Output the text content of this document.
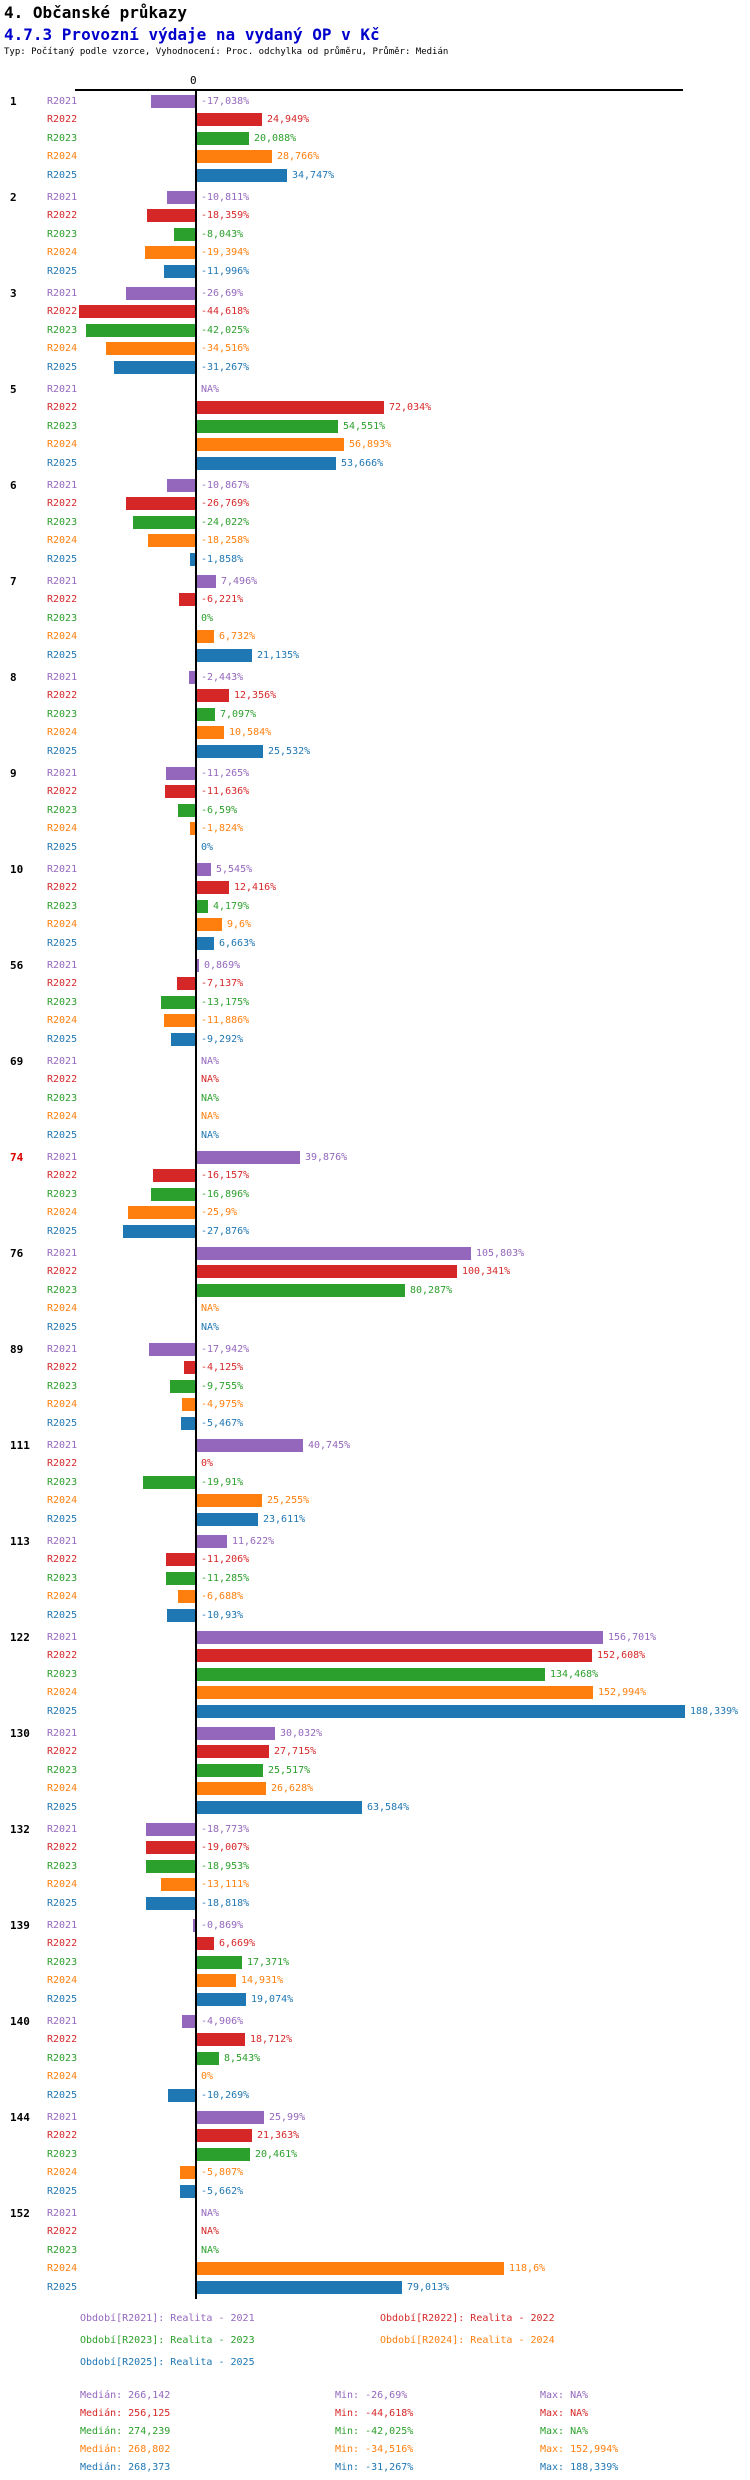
4. Občanské průkazy
4.7.3 Provozní výdaje na vydaný OP v Kč
Typ: Počítaný podle vzorce, Vyhodnocení: Proc. odchylka od průměru, Průměr: Medián
0
1	R2021	-17,038%
R2022	24,949%
R2023	20,088%
R2024	28,766%
R2025	34,747%
2	R2021	-10,811%
R2022	-18,359%
R2023	-8,043%
R2024	-19,394%
R2025	-11,996%
3	R2021	-26,69%
R2022	-44,618%
R2023	-42,025%
R2024	-34,516%
R2025	-31,267%
5	R2021	NA%
R2022	72,034%
R2023	54,551%
R2024	56,893%
R2025	53,666%
6	R2021	-10,867%
R2022	-26,769%
R2023	-24,022%
R2024	-18,258%
R2025	-1,858%
7	R2021	7,496%
R2022	-6,221%
R2023	0%
R2024	6,732%
R2025	21,135%
8	R2021	-2,443%
R2022	12,356%
R2023	7,097%
R2024	10,584%
R2025	25,532%
9	R2021	-11,265%
R2022	-11,636%
R2023	-6,59%
R2024	-1,824%
R2025	0%
10 R2021	5,545%
R2022	12,416%
R2023	4,179%
R2024	9,6%
R2025	6,663%
56 R2021	0,869%
R2022	-7,137%
R2023	-13,175%
R2024	-11,886%
R2025	-9,292%
69 R2021	NA%
R2022	NA%
R2023	NA%
R2024	NA%
R2025	NA%
74 R2021	39,876%
R2022	-16,157%
R2023	-16,896%
R2024	-25,9%
R2025	-27,876%
76 R2021	105,803%
R2022	100,341%
R2023	80,287%
R2024	NA%
R2025	NA%
89 R2021	-17,942%
R2022	-4,125%
R2023	-9,755%
R2024	-4,975%
R2025	-5,467%
111 R2021	40,745%
R2022	0%
R2023	-19,91%
R2024	25,255%
R2025	23,611%
113 R2021	11,622%
R2022	-11,206%
R2023	-11,285%
R2024	-6,688%
R2025	-10,93%
122 R2021	156,701%
R2022	152,608%
R2023	134,468%
R2024	152,994%
R2025	188,339%
130 R2021	30,032%
R2022	27,715%
R2023	25,517%
R2024	26,628%
R2025	63,584%
132 R2021	-18,773%
R2022	-19,007%
R2023	-18,953%
R2024	-13,111%
R2025	-18,818%
139 R2021	-0,869%
R2022	6,669%
R2023	17,371%
R2024	14,931%
R2025	19,074%
140 R2021	-4,906%
R2022	18,712%
R2023	8,543%
R2024	0%
R2025	-10,269%
144 R2021	25,99%
R2022	21,363%
R2023	20,461%
R2024	-5,807%
R2025	-5,662%
152 R2021	NA%
R2022	NA%
R2023	NA%
R2024	118,6%
R2025	79,013%
Období[R2021]: Realita - 2021	Období[R2022]: Realita - 2022
Období[R2023]: Realita - 2023	Období[R2024]: Realita - 2024
Období[R2025]: Realita - 2025
Medián: 266,142	Min: -26,69%	Max: NA%
Medián: 256,125	Min: -44,618%	Max: NA%
Medián: 274,239	Min: -42,025%	Max: NA%
Medián: 268,802	Min: -34,516%	Max: 152,994%
Medián: 268,373	Min: -31,267%	Max: 188,339%
